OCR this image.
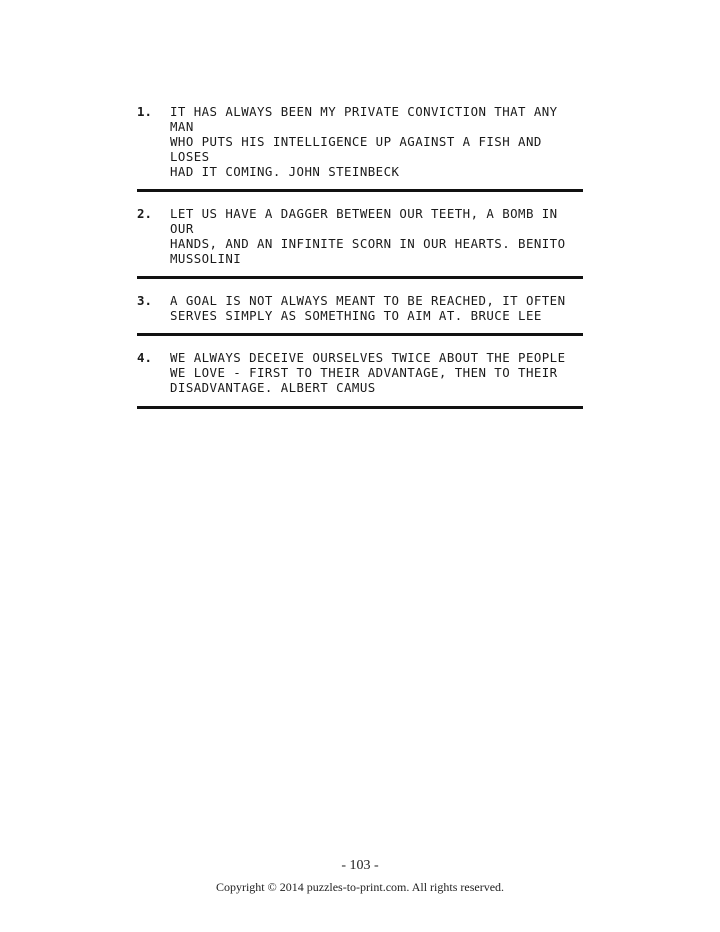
1.	IT HAS ALWAYS BEEN MY PRIVATE CONVICTION THAT ANY MAN
WHO PUTS HIS INTELLIGENCE UP AGAINST A FISH AND LOSES
HAD IT COMING. JOHN STEINBECK
2.	LET US HAVE A DAGGER BETWEEN OUR TEETH, A BOMB IN OUR
HANDS, AND AN INFINITE SCORN IN OUR HEARTS. BENITO
MUSSOLINI
3.	A GOAL IS NOT ALWAYS MEANT TO BE REACHED, IT OFTEN
SERVES SIMPLY AS SOMETHING TO AIM AT. BRUCE LEE
4.	WE ALWAYS DECEIVE OURSELVES TWICE ABOUT THE PEOPLE
WE LOVE - FIRST TO THEIR ADVANTAGE, THEN TO THEIR
DISADVANTAGE. ALBERT CAMUS
- 103 -
Copyright © 2014 puzzles-to-print.com. All rights reserved.
